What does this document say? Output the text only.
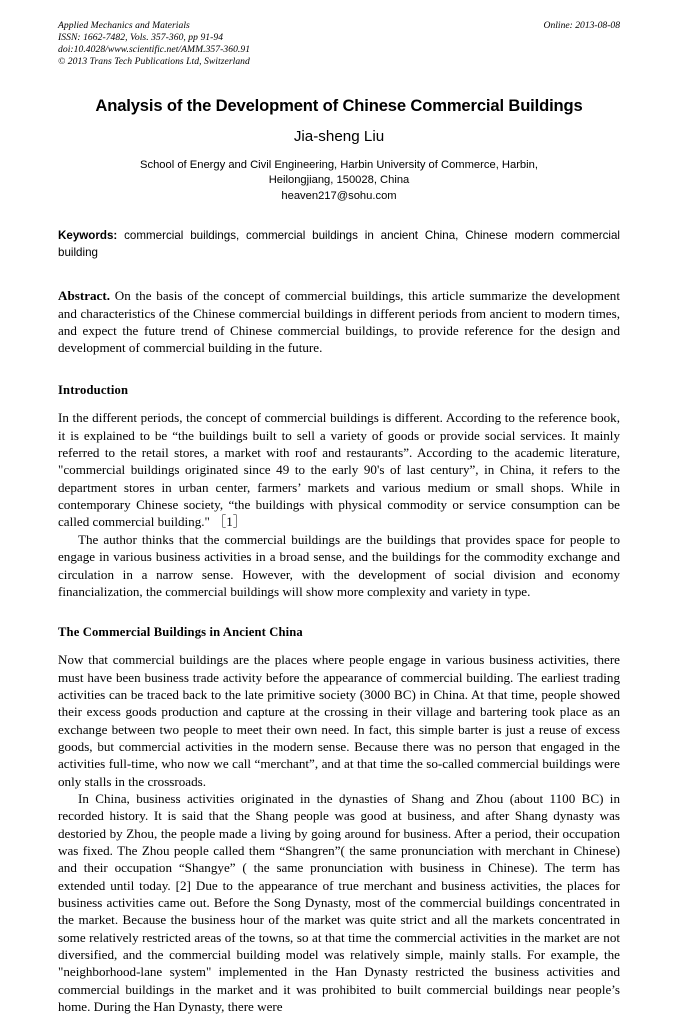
Applied Mechanics and Materials
ISSN: 1662-7482, Vols. 357-360, pp 91-94
doi:10.4028/www.scientific.net/AMM.357-360.91
© 2013 Trans Tech Publications Ltd, Switzerland
Online: 2013-08-08
Analysis of the Development of Chinese Commercial Buildings
Jia-sheng Liu
School of Energy and Civil Engineering, Harbin University of Commerce, Harbin,
Heilongjiang, 150028, China
heaven217@sohu.com

Keywords: commercial buildings, commercial buildings in ancient China, Chinese modern commercial building

Abstract. On the basis of the concept of commercial buildings, this article summarize the development and characteristics of the Chinese commercial buildings in different periods from ancient to modern times, and expect the future trend of Chinese commercial buildings, to provide reference for the design and development of commercial building in the future.

Introduction

In the different periods, the concept of commercial buildings is different. According to the reference book, it is explained to be “the buildings built to sell a variety of goods or provide social services. It mainly referred to the retail stores, a market with roof and restaurants”. According to the academic literature, "commercial buildings originated since 49 to the early 90's of last century”, in China, it refers to the department stores in urban center, farmers’ markets and various medium or small shops. While in contemporary Chinese society, “the buildings with physical commodity or service consumption can be called commercial building." ［1］

The author thinks that the commercial buildings are the buildings that provides space for people to engage in various business activities in a broad sense, and the buildings for the commodity exchange and circulation in a narrow sense. However, with the development of social division and economy financialization, the commercial buildings will show more complexity and variety in type.

The Commercial Buildings in Ancient China

Now that commercial buildings are the places where people engage in various business activities, there must have been business trade activity before the appearance of commercial building. The earliest trading activities can be traced back to the late primitive society (3000 BC) in China. At that time, people showed their excess goods production and capture at the crossing in their village and bartering took place as an exchange between two people to meet their own need. In fact, this simple barter is just a reuse of excess goods, but commercial activities in the modern sense. Because there was no person that engaged in the activities full-time, who now we call “merchant”, and at that time the so-called commercial buildings were only stalls in the crossroads.

In China, business activities originated in the dynasties of Shang and Zhou (about 1100 BC) in recorded history. It is said that the Shang people was good at business, and after Shang dynasty was destoried by Zhou, the people made a living by going around for business. After a period, their occupation was fixed. The Zhou people called them “Shangren”( the same pronunciation with merchant in Chinese) and their occupation “Shangye” ( the same pronunciation with business in Chinese). The term has extended until today. [2] Due to the appearance of true merchant and business activities, the places for business activities came out. Before the Song Dynasty, most of the commercial buildings concentrated in the market. Because the business hour of the market was quite strict and all the markets concentrated in some relatively restricted areas of the towns, so at that time the commercial activities in the market are not diversified, and the commercial building model was relatively simple, mainly stalls. For example, the "neighborhood-lane system" implemented in the Han Dynasty restricted the business activities and commercial buildings in the market and it was prohibited to built commercial buildings near people’s home. During the Han Dynasty, there were
